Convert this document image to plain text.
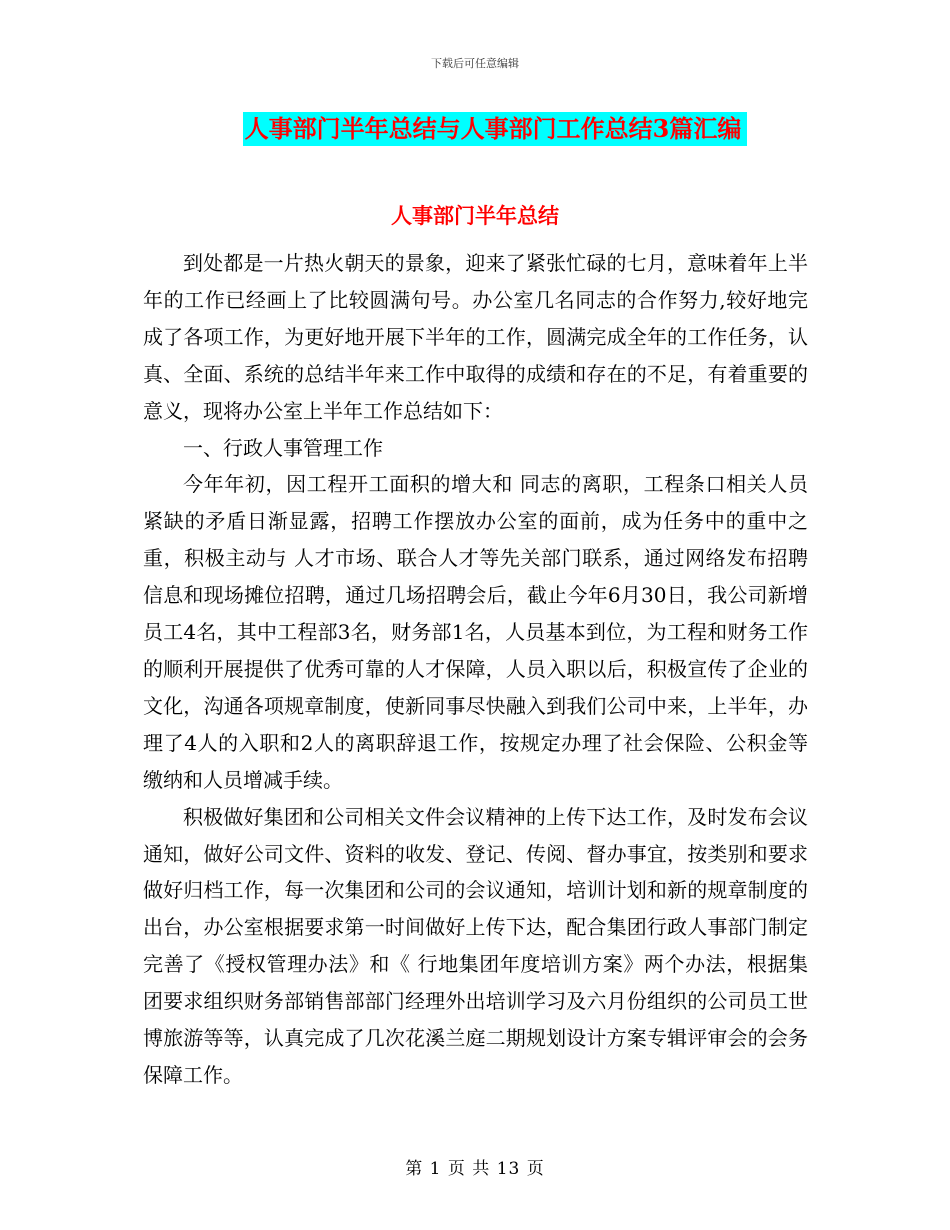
下载后可任意编辑
人事部门半年总结与人事部门工作总结3篇汇编
人事部门半年总结

到处都是一片热火朝天的景象，迎来了紧张忙碌的七月，意味着年上半年的工作已经画上了比较圆满句号。办公室几名同志的合作努力,较好地完成了各项工作，为更好地开展下半年的工作，圆满完成全年的工作任务，认真、全面、系统的总结半年来工作中取得的成绩和存在的不足，有着重要的意义，现将办公室上半年工作总结如下：

一、行政人事管理工作

今年年初，因工程开工面积的增大和 同志的离职，工程条口相关人员紧缺的矛盾日渐显露，招聘工作摆放办公室的面前，成为任务中的重中之重，积极主动与 人才市场、联合人才等先关部门联系，通过网络发布招聘信息和现场摊位招聘，通过几场招聘会后，截止今年6月30日，我公司新增员工4名，其中工程部3名，财务部1名，人员基本到位，为工程和财务工作的顺利开展提供了优秀可靠的人才保障，人员入职以后，积极宣传了企业的文化，沟通各项规章制度，使新同事尽快融入到我们公司中来，上半年，办理了4人的入职和2人的离职辞退工作，按规定办理了社会保险、公积金等缴纳和人员增减手续。

积极做好集团和公司相关文件会议精神的上传下达工作，及时发布会议通知，做好公司文件、资料的收发、登记、传阅、督办事宜，按类别和要求做好归档工作，每一次集团和公司的会议通知，培训计划和新的规章制度的出台，办公室根据要求第一时间做好上传下达，配合集团行政人事部门制定完善了《授权管理办法》和《 行地集团年度培训方案》两个办法，根据集团要求组织财务部销售部部门经理外出培训学习及六月份组织的公司员工世博旅游等等，认真完成了几次花溪兰庭二期规划设计方案专辑评审会的会务保障工作。

第 1 页 共 13 页
